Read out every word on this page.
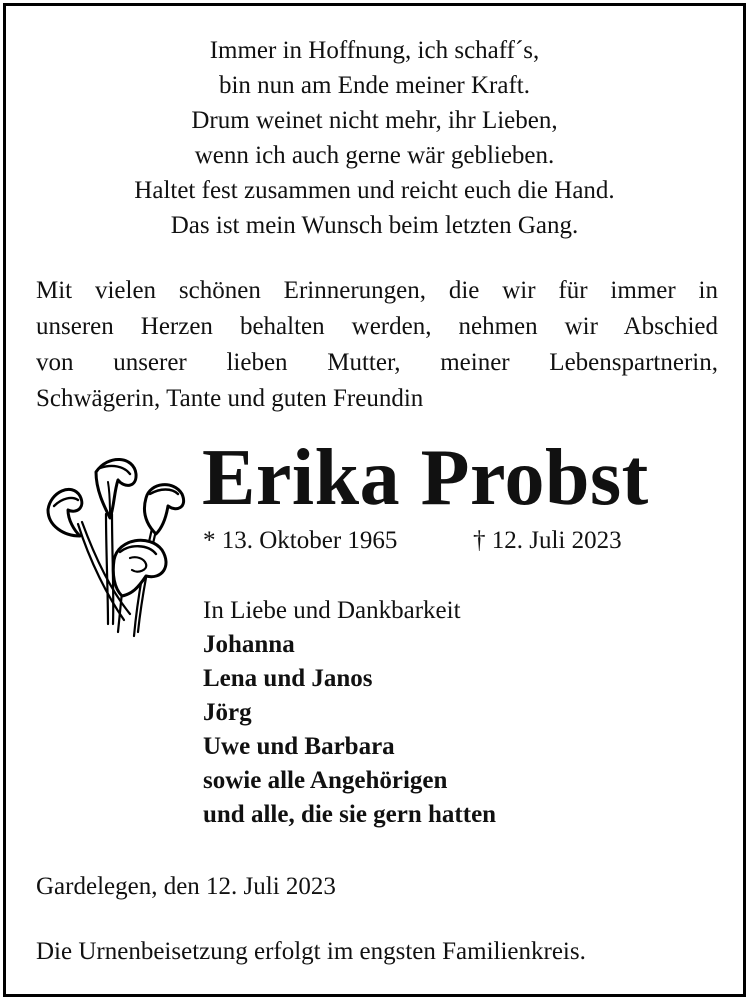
Immer in Hoffnung, ich schaff´s,
bin nun am Ende meiner Kraft.
Drum weinet nicht mehr, ihr Lieben,
wenn ich auch gerne wär geblieben.
Haltet fest zusammen und reicht euch die Hand.
Das ist mein Wunsch beim letzten Gang.
Mit vielen schönen Erinnerungen, die wir für immer in
unseren Herzen behalten werden, nehmen wir Abschied
von unserer lieben Mutter, meiner Lebenspartnerin,
Schwägerin, Tante und guten Freundin
Erika Probst
* 13. Oktober 1965	† 12. Juli 2023
In Liebe und Dankbarkeit
Johanna
Lena und Janos
Jörg
Uwe und Barbara
sowie alle Angehörigen
und alle, die sie gern hatten
Gardelegen, den 12. Juli 2023
Die Urnenbeisetzung erfolgt im engsten Familienkreis.
